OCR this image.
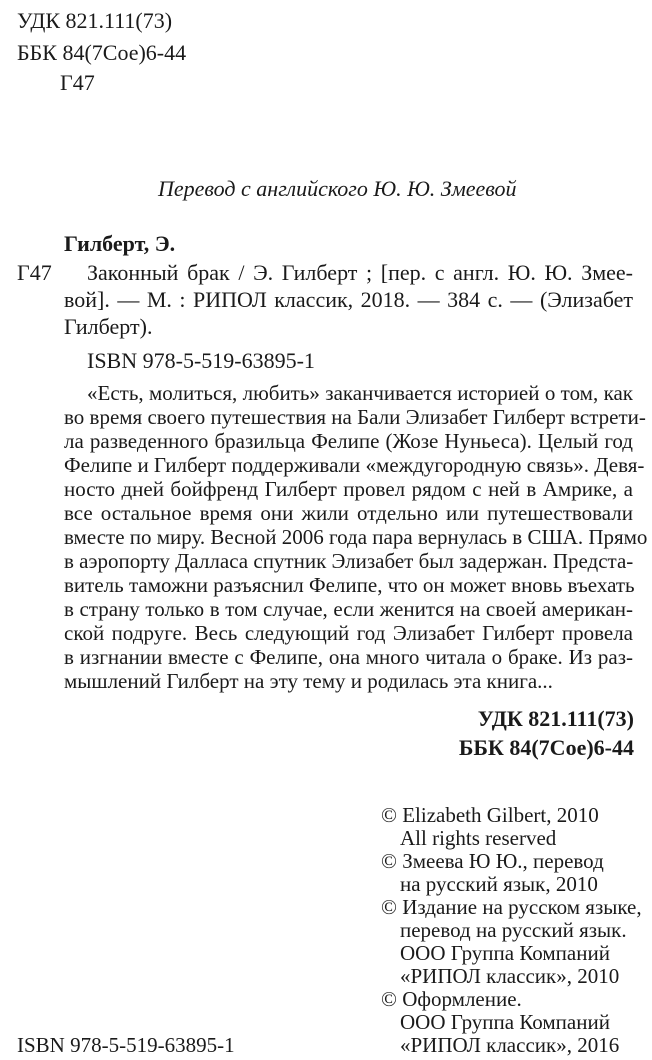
УДК 821.111(73)
ББК 84(7Сое)6-44
Г47
Перевод с английского Ю. Ю. Змеевой
Гилберт, Э.
Г47 Законный брак / Э. Гилберт ; [пер. с англ. Ю. Ю. Змее-
вой]. — М. : РИПОЛ классик, 2018. — 384 с. — (Элизабет
Гилберт).
ISBN 978-5-519-63895-1
«Есть, молиться, любить» заканчивается историей о том, как
во время своего путешествия на Бали Элизабет Гилберт встрети-
ла разведенного бразильца Фелипе (Жозе Нуньеса). Целый год
Фелипе и Гилберт поддерживали «междугородную связь». Девя-
носто дней бойфренд Гилберт провел рядом с ней в Амрике, а
все остальное время они жили отдельно или путешествовали
вместе по миру. Весной 2006 года пара вернулась в США. Прямо
в аэропорту Далласа спутник Элизабет был задержан. Предста-
витель таможни разъяснил Фелипе, что он может вновь въехать
в страну только в том случае, если женится на своей американ-
ской подруге. Весь следующий год Элизабет Гилберт провела
в изгнании вместе с Фелипе, она много читала о браке. Из раз-
мышлений Гилберт на эту тему и родилась эта книга...
УДК 821.111(73)
ББК 84(7Сое)6-44
© Elizabeth Gilbert, 2010
All rights reserved
© Змеева Ю Ю., перевод
на русский язык, 2010
© Издание на русском языке,
перевод на русский язык.
ООО Группа Компаний
«РИПОЛ классик», 2010
© Оформление.
ООО Группа Компаний
«РИПОЛ классик», 2016
ISBN 978-5-519-63895-1
